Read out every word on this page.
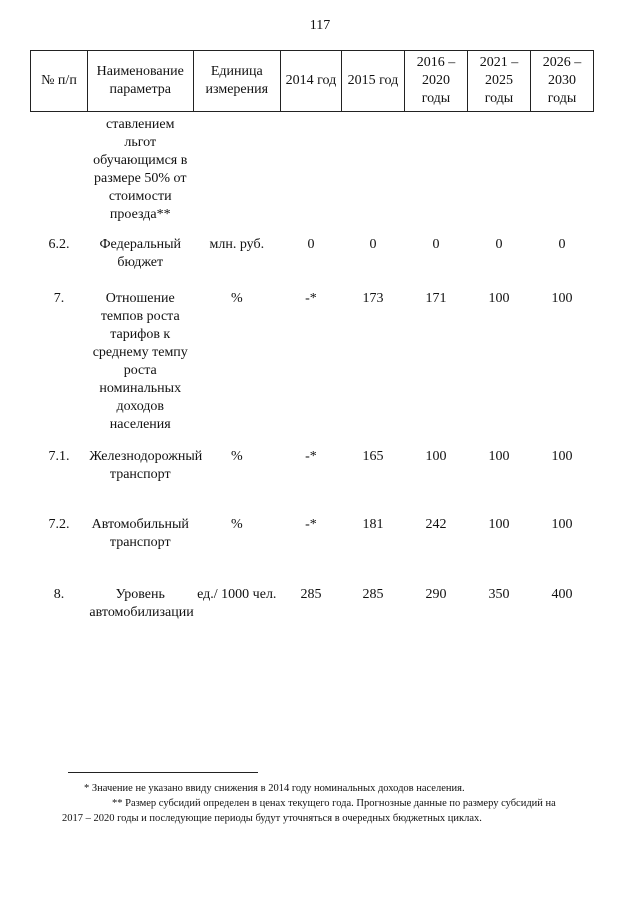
117
№ п/п	Наименование параметра	Единица измерения	2014 год	2015 год	2016 – 2020 годы	2021 – 2025 годы	2026 – 2030 годы
	ставлением льгот обучающимся в размере 50% от стоимости проезда**						
6.2.	Федеральный бюджет	млн. руб.	0	0	0	0	0
7.	Отношение темпов роста тарифов к среднему темпу роста номинальных доходов населения	%	-*	173	171	100	100
7.1.	Железнодорожный транспорт	%	-*	165	100	100	100
7.2.	Автомобильный транспорт	%	-*	181	242	100	100
8.	Уровень автомобилизации	ед./ 1000 чел.	285	285	290	350	400

* Значение не указано ввиду снижения в 2014 году номинальных доходов населения.

** Размер субсидий определен в ценах текущего года. Прогнозные данные по размеру субсидий на 2017 – 2020 годы и последующие периоды будут уточняться в очередных бюджетных циклах.
